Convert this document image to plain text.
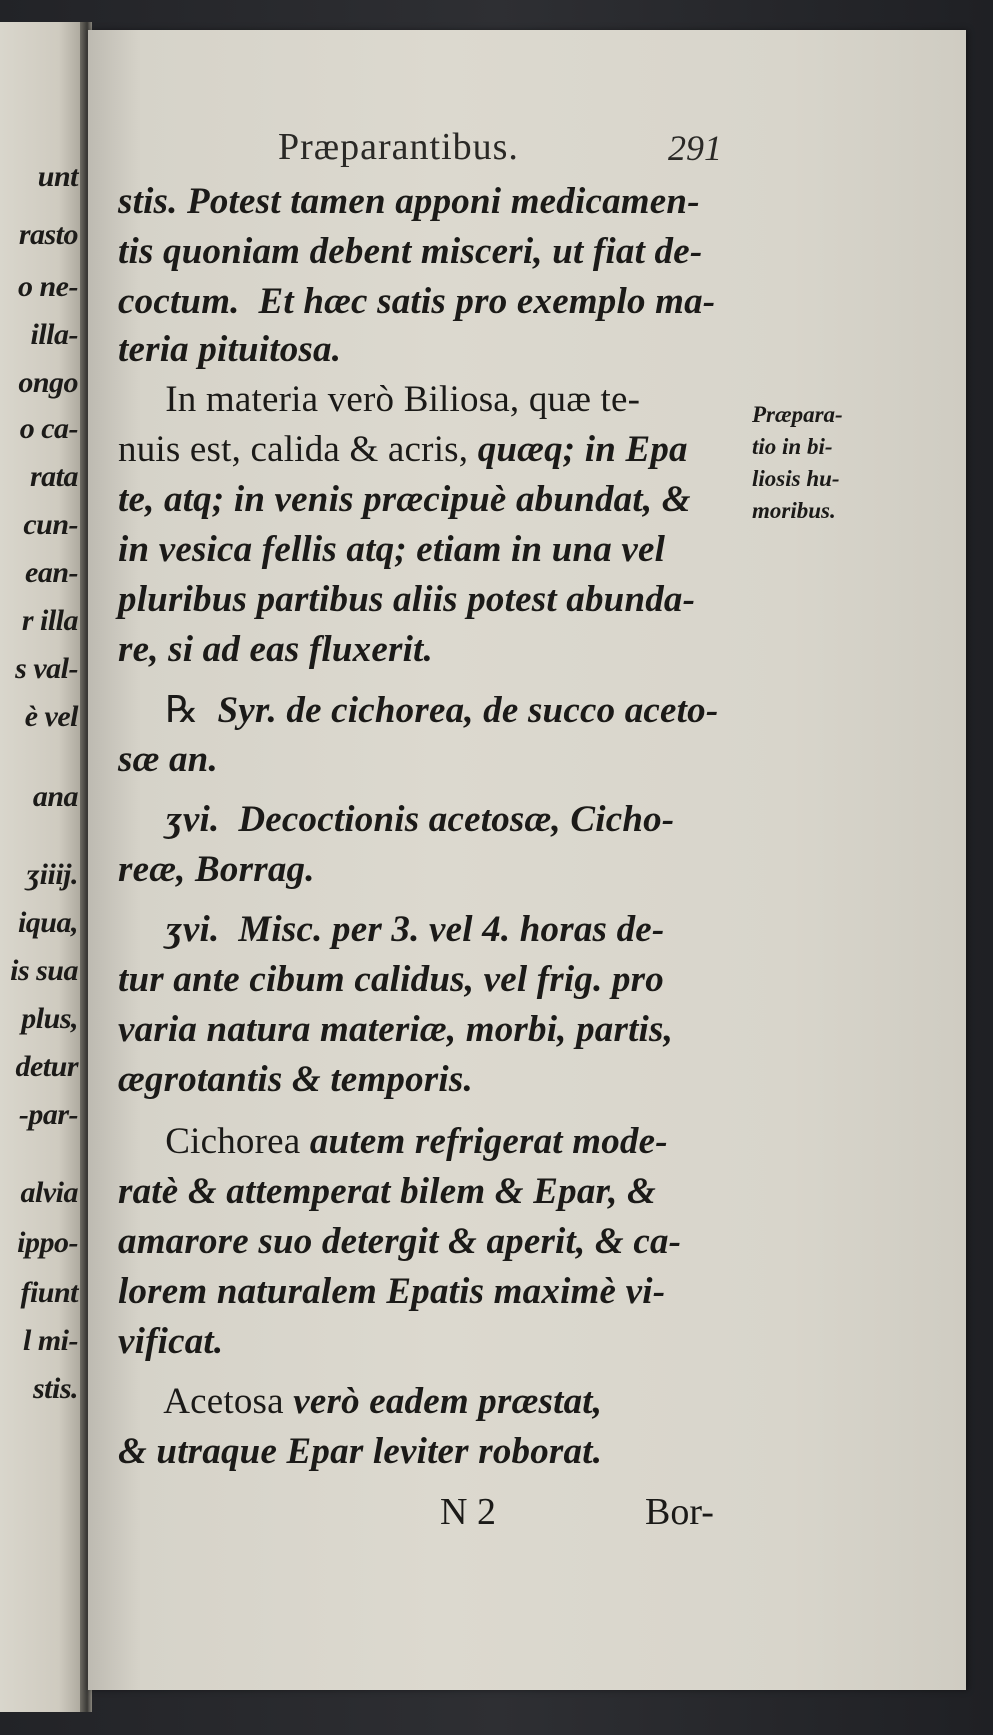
unt
rasto
o ne-
illa-
ongo
o ca-
rata
cun-
ean-
r illa
s val-
è vel
ana
ʒiiij.
iqua,
is sua
plus,
detur
-par-
alvia
ippo-
fiunt
l mi-
stis.
Præparantibus.	291
stis. Potest tamen apponi medicamen-
tis quoniam debent misceri, ut fiat de-
coctum.  Et hæc satis pro exemplo ma-
teria pituitosa.
In materia verò Biliosa, quæ te-
nuis est, calida & acris, quæq; in Epa
te, atq; in venis præcipuè abundat, &
in vesica fellis atq; etiam in una vel
pluribus partibus aliis potest abunda-
re, si ad eas fluxerit.
℞  Syr. de cichorea, de succo aceto-
sæ an.
ʒvi.  Decoctionis acetosæ, Cicho-
reæ, Borrag.
ʒvi.  Misc. per 3. vel 4. horas de-
tur ante cibum calidus, vel frig. pro
varia natura materiæ, morbi, partis,
ægrotantis & temporis.
Cichorea autem refrigerat mode-
ratè & attemperat bilem & Epar, &
amarore suo detergit & aperit, & ca-
lorem naturalem Epatis maximè vi-
vificat.
Acetosa verò eadem præstat,
& utraque Epar leviter roborat.
Præpara-
tio in bi-
liosis hu-
moribus.
N 2	Bor-
